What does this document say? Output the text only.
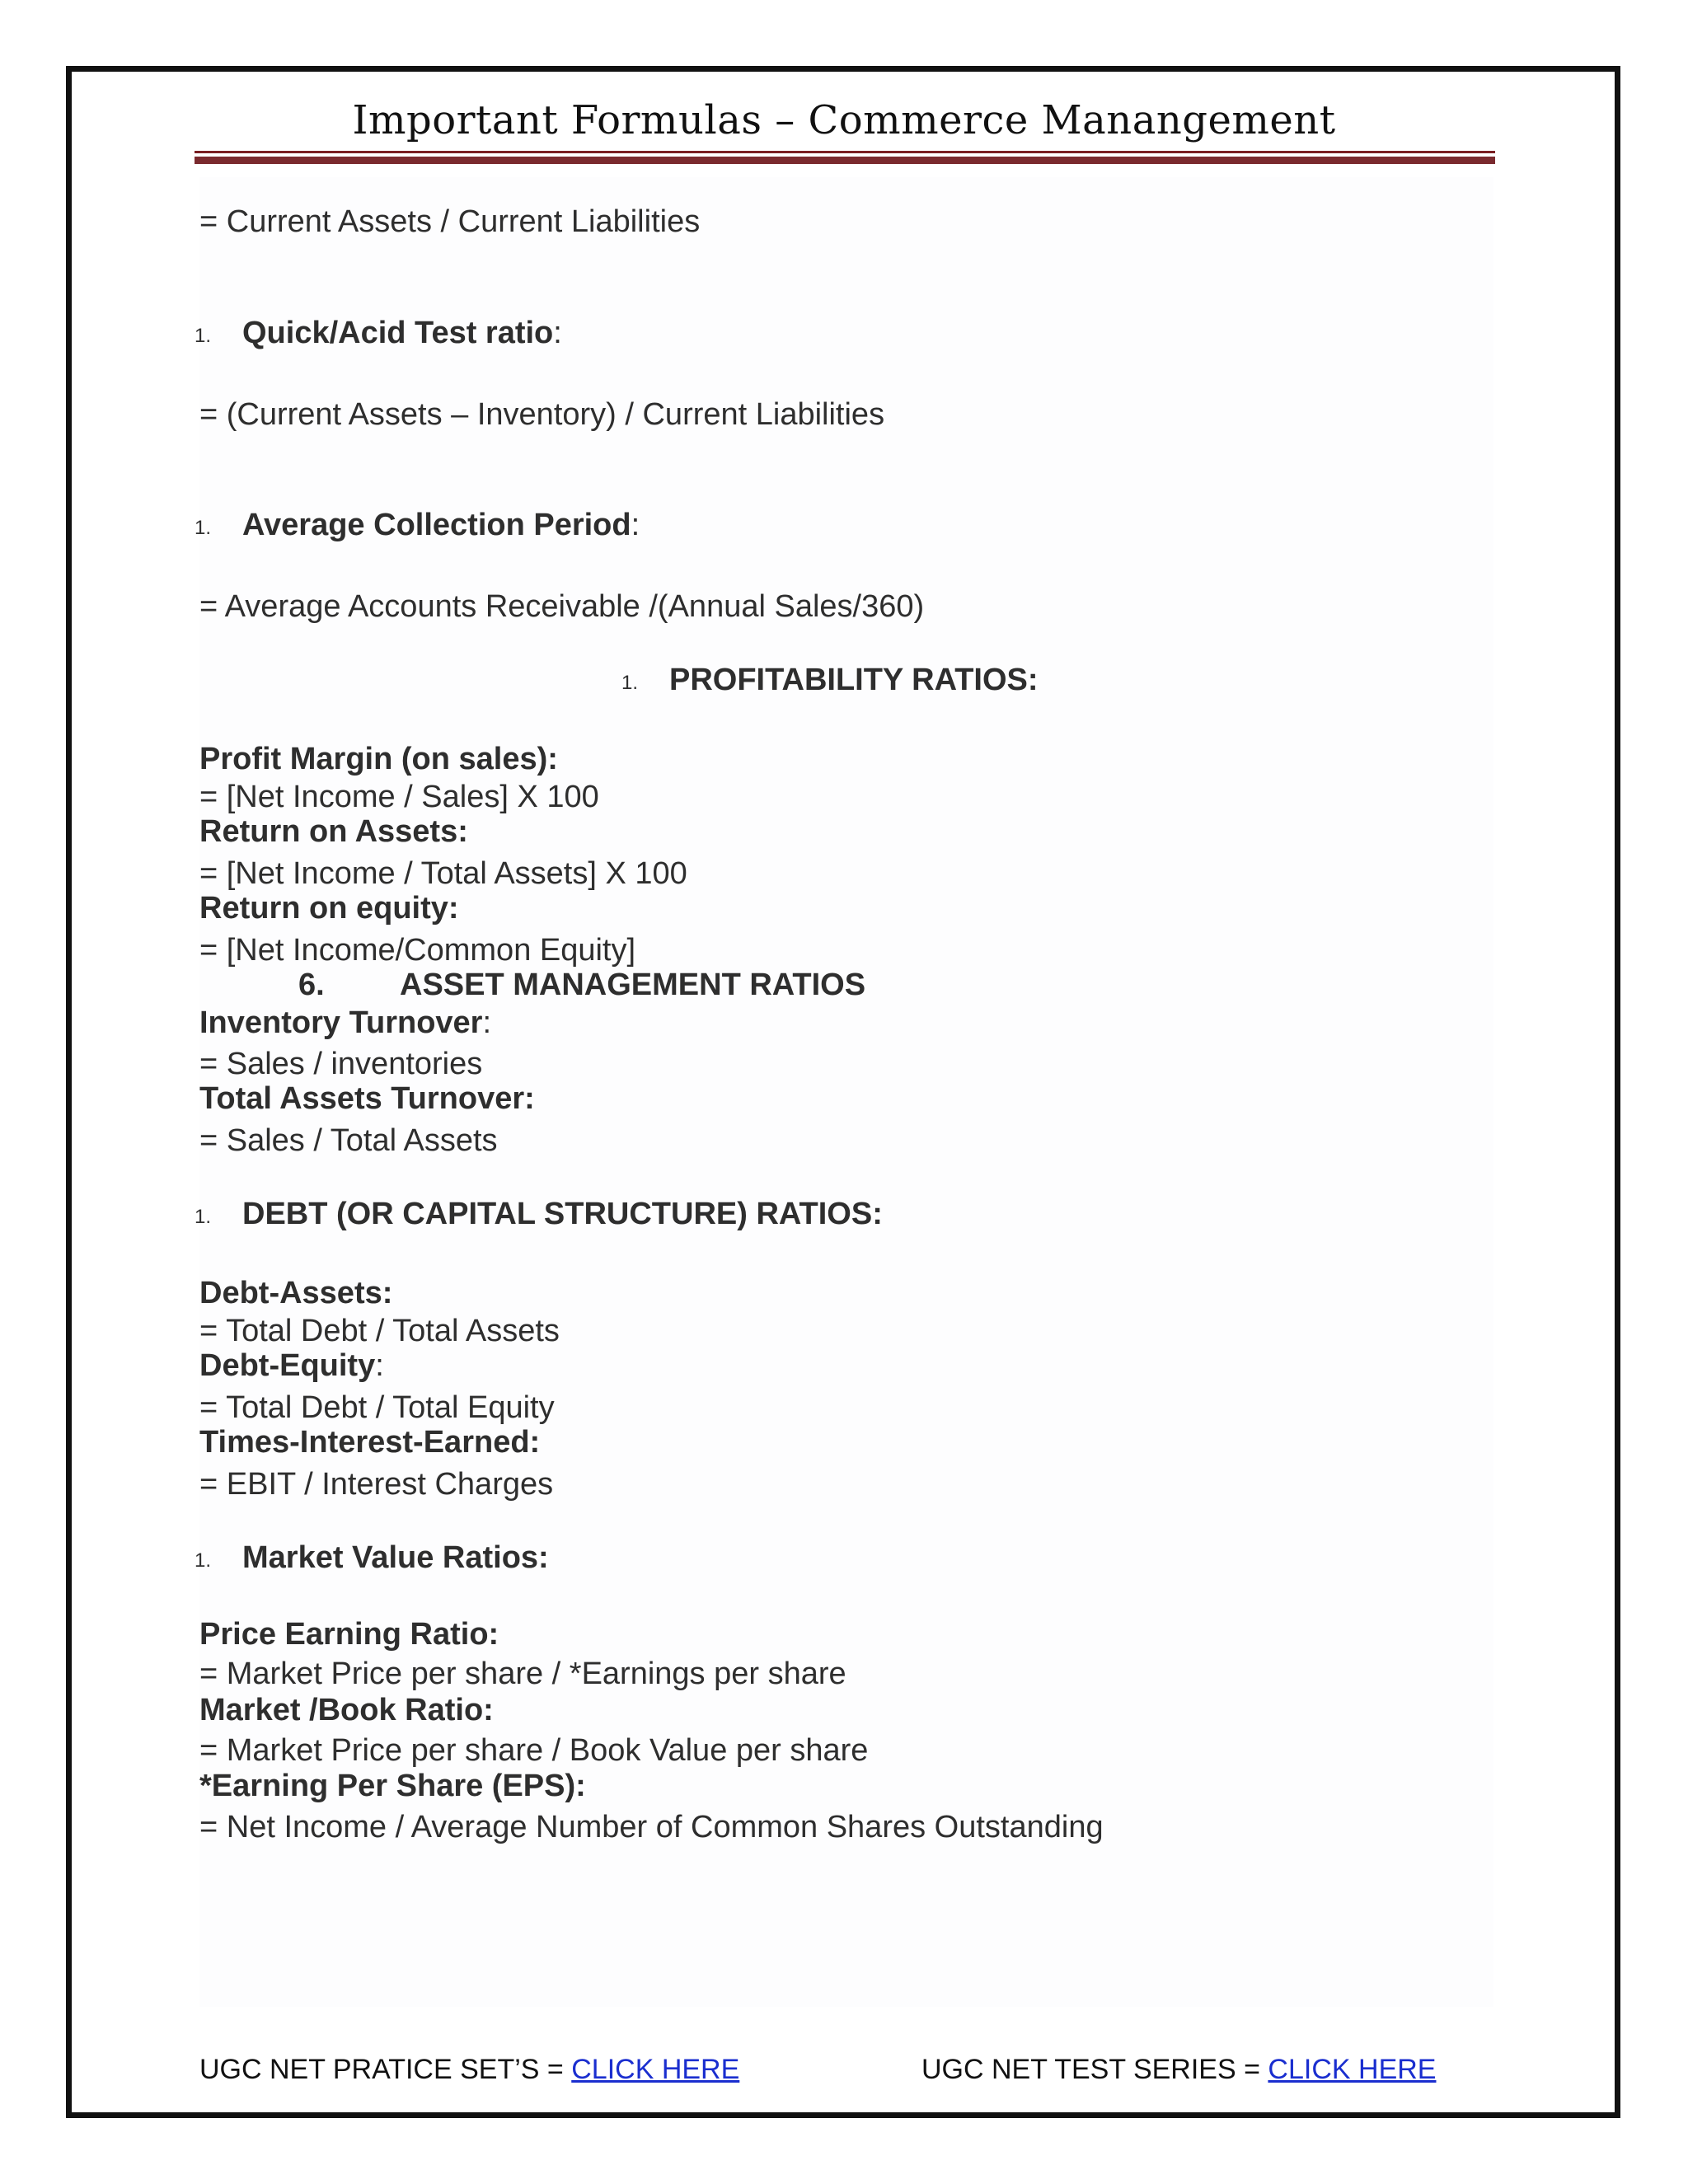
Important Formulas – Commerce Manangement
= Current Assets / Current Liabilities
1. Quick/Acid Test ratio:
= (Current Assets – Inventory) / Current Liabilities
1. Average Collection Period:
= Average Accounts Receivable /(Annual Sales/360)
1. PROFITABILITY RATIOS:
Profit Margin (on sales):
= [Net Income / Sales] X 100
Return on Assets:
= [Net Income / Total Assets] X 100
Return on equity:
= [Net Income/Common Equity]
6. ASSET MANAGEMENT RATIOS
Inventory Turnover:
= Sales / inventories
Total Assets Turnover:
= Sales / Total Assets
1. DEBT (OR CAPITAL STRUCTURE) RATIOS:
Debt-Assets:
= Total Debt / Total Assets
Debt-Equity:
= Total Debt / Total Equity
Times-Interest-Earned:
= EBIT / Interest Charges
1. Market Value Ratios:
Price Earning Ratio:
= Market Price per share / *Earnings per share
Market /Book Ratio:
= Market Price per share / Book Value per share
*Earning Per Share (EPS):
= Net Income / Average Number of Common Shares Outstanding
UGC NET PRATICE SET’S = CLICK HERE	UGC NET TEST SERIES = CLICK HERE
